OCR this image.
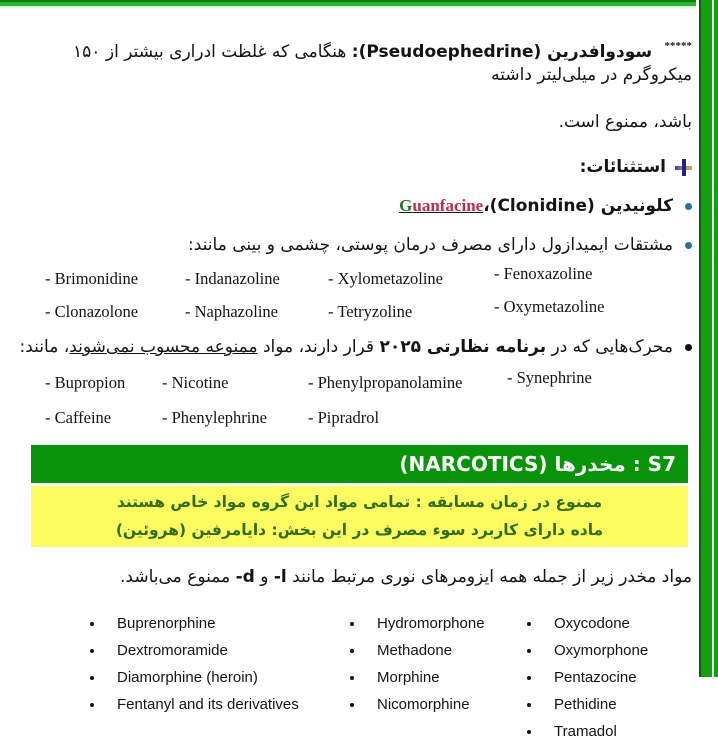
***** سودوافدرین (Pseudoephedrine): هنگامی که غلظت ادراری بیشتر از ۱۵۰ میکروگرم در میلی‌لیتر داشته
باشد، ممنوع است.
استثنائات:
کلونیدین (Clonidine)،
Guanfacine
مشتقات ایمیدازول دارای مصرف درمان پوستی، چشمی و بینی مانند:
- Brimonidine	- Indanazoline	- Xylometazoline	- Fenoxazoline
- Clonazolone	- Naphazoline	- Tetryzoline	- Oxymetazoline
محرک‌هایی که در برنامه نظارتی ۲۰۲۵ قرار دارند، مواد ممنوعه محسوب نمی‌شوند، مانند:
- Bupropion	- Nicotine	- Phenylpropanolamine	- Synephrine
- Caffeine	- Phenylephrine	- Pipradrol
S7 : مخدرها (NARCOTICS)
ممنوع در زمان مسابقه : تمامی مواد این گروه مواد خاص هستند
ماده دارای کاربرد سوء مصرف در این بخش: دایامرفین (هروئین)
مواد مخدر زیر از جمله همه ایزومرهای نوری مرتبط مانند -l و -d ممنوع می‌باشد.
• Buprenorphine
• Dextromoramide
• Diamorphine (heroin)
• Fentanyl and its derivatives
• Hydromorphone
• Methadone
• Morphine
• Nicomorphine
• Oxycodone
• Oxymorphone
• Pentazocine
• Pethidine
• Tramadol
